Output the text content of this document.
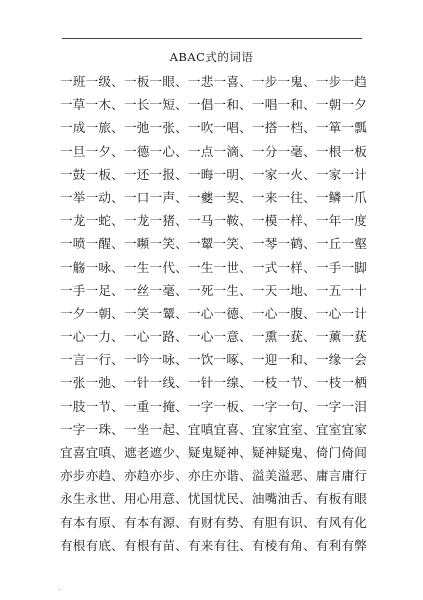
ABAC式的词语
一班一级、一板一眼、一悲一喜、一步一鬼、一步一趋
一草一木、一长一短、一倡一和、一唱一和、一朝一夕
一成一旅、一弛一张、一吹一唱、一搭一档、一箪一瓢
一旦一夕、一德一心、一点一滴、一分一毫、一根一板
一鼓一板、一还一报、一晦一明、一家一火、一家一计
一举一动、一口一声、一夔一契、一来一往、一鳞一爪
一龙一蛇、一龙一猪、一马一鞍、一模一样、一年一度
一喷一醒、一嚬一笑、一颦一笑、一琴一鹤、一丘一壑
一觞一咏、一生一代、一生一世、一式一样、一手一脚
一手一足、一丝一毫、一死一生、一天一地、一五一十
一夕一朝、一笑一颦、一心一德、一心一腹、一心一计
一心一力、一心一路、一心一意、一熏一莸、一薰一莸
一言一行、一吟一咏、一饮一啄、一迎一和、一缘一会
一张一弛、一针一线、一针一缐、一枝一节、一枝一栖
一肢一节、一重一掩、一字一板、一字一句、一字一泪
一字一珠、一坐一起、宜嗔宜喜、宜家宜室、宜室宜家
宜喜宜嗔、遮老遮少、疑鬼疑神、疑神疑鬼、倚门倚闾
亦步亦趋、亦趋亦步、亦庄亦谐、溢美溢恶、庸言庸行
永生永世、用心用意、忧国忧民、油嘴油舌、有板有眼
有本有原、有本有源、有财有势、有胆有识、有风有化
有根有底、有根有苗、有来有往、有棱有角、有利有弊
.
